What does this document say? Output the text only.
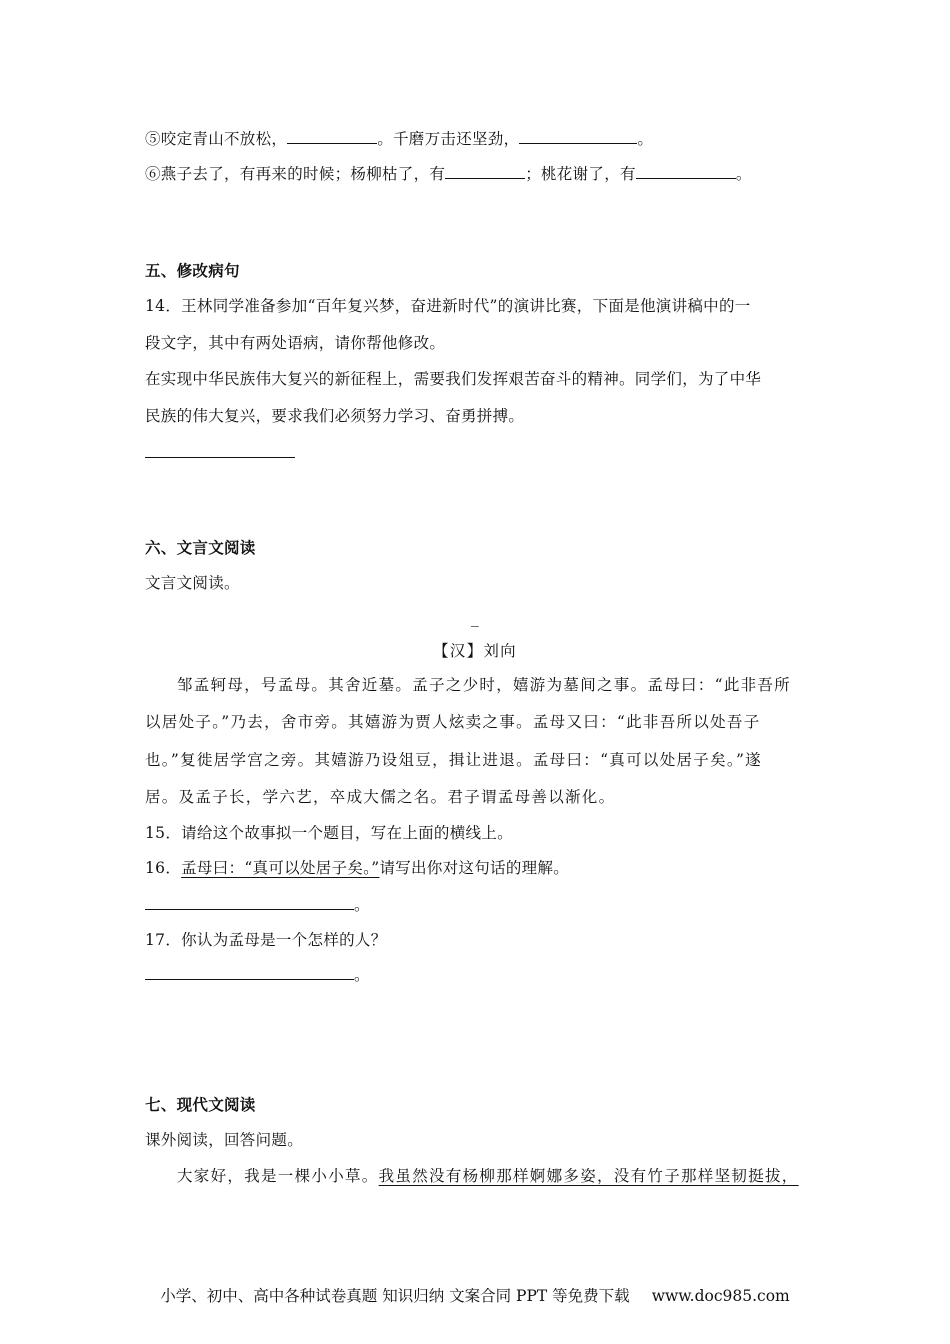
⑤咬定青山不放松，	。千磨万击还坚劲，	。
⑥燕子去了，有再来的时候；杨柳枯了，有	；桃花谢了，有	。
五、修改病句
14．王林同学准备参加“百年复兴梦，奋进新时代”的演讲比赛，下面是他演讲稿中的一
段文字，其中有两处语病，请你帮他修改。
在实现中华民族伟大复兴的新征程上，需要我们发挥艰苦奋斗的精神。同学们，为了中华
民族的伟大复兴，要求我们必须努力学习、奋勇拼搏。
六、文言文阅读
文言文阅读。
_
【汉】刘向
邹孟轲母，号孟母。其舍近墓。孟子之少时，嬉游为墓间之事。孟母曰：“此非吾所
以居处子。”乃去，舍市旁。其嬉游为贾人炫卖之事。孟母又曰：“此非吾所以处吾子
也。”复徙居学宫之旁。其嬉游乃设俎豆，揖让进退。孟母曰：“真可以处居子矣。”遂
居。及孟子长，学六艺，卒成大儒之名。君子谓孟母善以渐化。
15．请给这个故事拟一个题目，写在上面的横线上。
16．孟母曰：“真可以处居子矣。”请写出你对这句话的理解。
。
17．你认为孟母是一个怎样的人？
。
七、现代文阅读
课外阅读，回答问题。
大家好，我是一棵小小草。我虽然没有杨柳那样婀娜多姿，没有竹子那样坚韧挺拔，
小学、初中、高中各种试卷真题 知识归纳 文案合同 PPT 等免费下载 www.doc985.com
